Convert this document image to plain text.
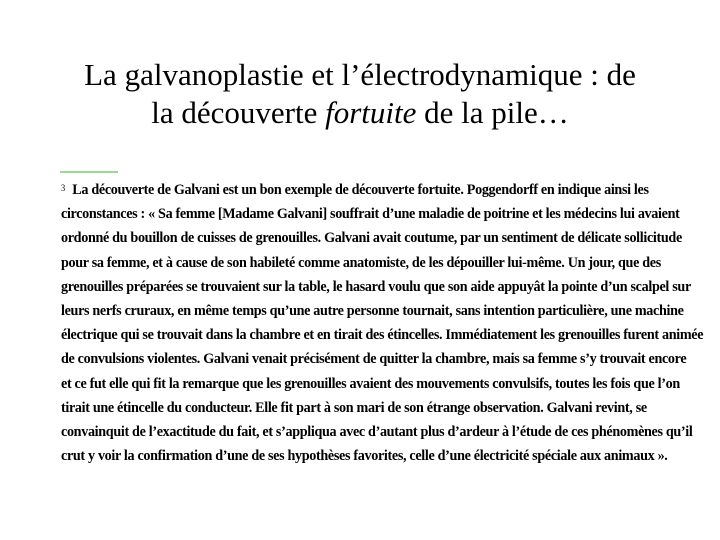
La galvanoplastie et l’électrodynamique : de
la découverte fortuite de la pile…
$^3$ La découverte de Galvani est un bon exemple de découverte fortuite. Poggendorff en indique ainsi les
circonstances : « Sa femme [Madame Galvani] souffrait d’une maladie de poitrine et les médecins lui avaient
ordonné du bouillon de cuisses de grenouilles. Galvani avait coutume, par un sentiment de délicate sollicitude
pour sa femme, et à cause de son habileté comme anatomiste, de les dépouiller lui-même. Un jour, que des
grenouilles préparées se trouvaient sur la table, le hasard voulu que son aide appuyât la pointe d’un scalpel sur
leurs nerfs cruraux, en même temps qu’une autre personne tournait, sans intention particulière, une machine
électrique qui se trouvait dans la chambre et en tirait des étincelles. Immédiatement les grenouilles furent animée
de convulsions violentes. Galvani venait précisément de quitter la chambre, mais sa femme s’y trouvait encore
et ce fut elle qui fit la remarque que les grenouilles avaient des mouvements convulsifs, toutes les fois que l’on
tirait une étincelle du conducteur. Elle fit part à son mari de son étrange observation. Galvani revint, se
convainquit de l’exactitude du fait, et s’appliqua avec d’autant plus d’ardeur à l’étude de ces phénomènes qu’il
crut y voir la confirmation d’une de ses hypothèses favorites, celle d’une électricité spéciale aux animaux ».
